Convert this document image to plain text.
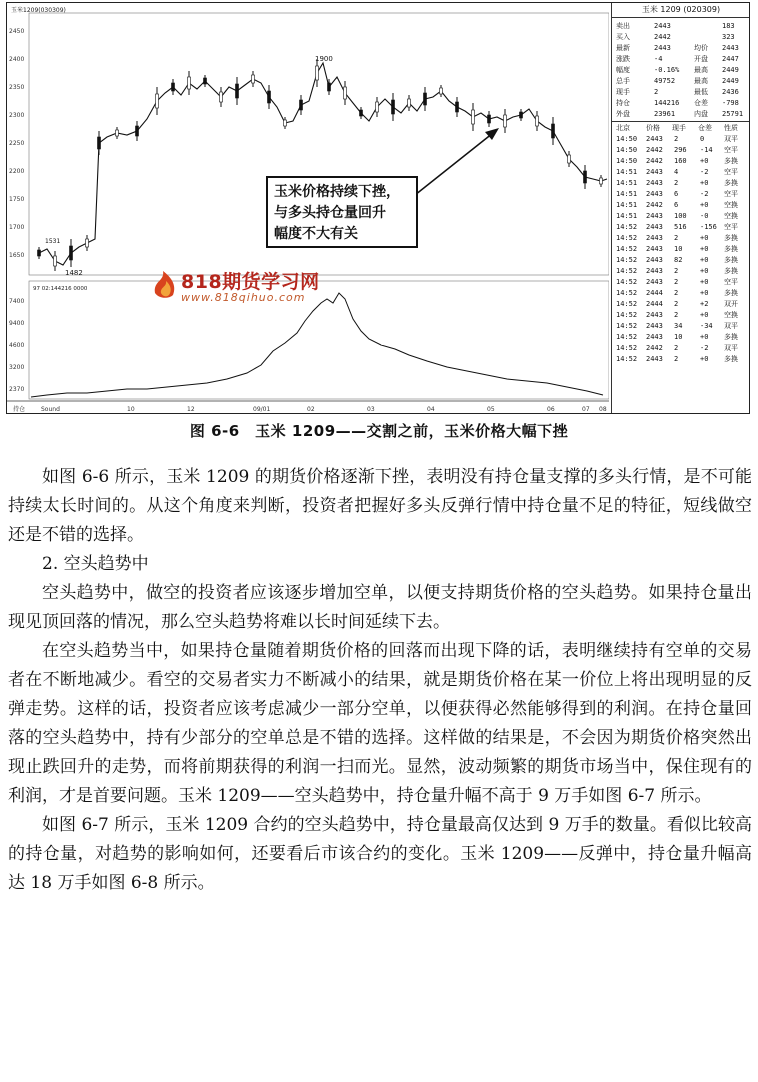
玉米1209(030309)
1900
1482
1531
97 02:144216 0000
2450
2400
2350
2300
2250
2200
1750
1700
1650
7400
9400
4600
3200
2370
持仓	Sound	10	12	09/01	02	03	04	05	06	07 08
818期货学习网
www.818qihuo.com
玉米价格持续下挫，
与多头持仓量回升
幅度不大有关
玉米 1209 (020309)
卖出	2443	183
买入	2442	323
最新	2443	均价 2443
涨跌	-4	开盘 2447
幅度	-0.16% 最高 2449
总手	49752	最高 2449
现手	2	最低 2436
持仓	144216 仓差 -798
外盘	23961	内盘 25791
北京 价格 现手 仓差 性质
14:50 2443 2	0	双平
14:50 2442 296 -14 空平
14:50 2442 160 +0 多换
14:51 2443 4	-2 空平
14:51 2443 2	+0 多换
14:51 2443 6	-2 空平
14:51 2442 6	+0 空换
14:51 2443 100 -0 空换
14:52 2443 516 -156 空平
14:52 2443 2	+0 多换
14:52 2443 10	+0 多换
14:52 2443 82	+0 多换
14:52 2443 2	+0 多换
14:52 2443 2	+0 空平
14:52 2444 2	+0 多换
14:52 2444 2	+2 双开
14:52 2443 2	+0 空换
14:52 2443 34	-34 双平
14:52 2443 10	+0 多换
14:52 2442 2	-2 双平
14:52 2443 2	+0 多换
图 6-6　玉米 1209——交割之前，玉米价格大幅下挫

如图 6-6 所示，玉米 1209 的期货价格逐渐下挫，表明没有持仓量支撑的多头行情，是不可能持续太长时间的。从这个角度来判断，投资者把握好多头反弹行情中持仓量不足的特征，短线做空还是不错的选择。

2. 空头趋势中

空头趋势中，做空的投资者应该逐步增加空单，以便支持期货价格的空头趋势。如果持仓量出现见顶回落的情况，那么空头趋势将难以长时间延续下去。

在空头趋势当中，如果持仓量随着期货价格的回落而出现下降的话，表明继续持有空单的交易者在不断地减少。看空的交易者实力不断减小的结果，就是期货价格在某一价位上将出现明显的反弹走势。这样的话，投资者应该考虑减少一部分空单，以便获得必然能够得到的利润。在持仓量回落的空头趋势中，持有少部分的空单总是不错的选择。这样做的结果是，不会因为期货价格突然出现止跌回升的走势，而将前期获得的利润一扫而光。显然，波动频繁的期货市场当中，保住现有的利润，才是首要问题。玉米 1209——空头趋势中，持仓量升幅不高于 9 万手如图 6-7 所示。

如图 6-7 所示，玉米 1209 合约的空头趋势中，持仓量最高仅达到 9 万手的数量。看似比较高的持仓量，对趋势的影响如何，还要看后市该合约的变化。玉米 1209——反弹中，持仓量升幅高达 18 万手如图 6-8 所示。
